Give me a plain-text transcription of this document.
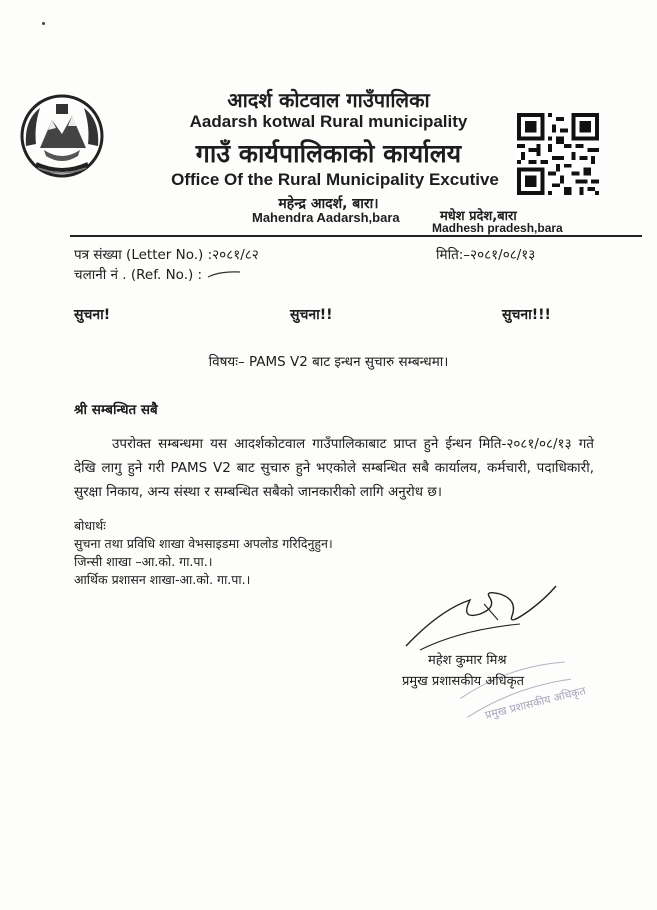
आदर्श कोटवाल गाउँपालिका
Aadarsh kotwal Rural municipality
गाउँ कार्यपालिकाको कार्यालय
Office Of the Rural Municipality Excutive
महेन्द्र आदर्श, बारा।
Mahendra Aadarsh,bara	मधेश प्रदेश,बारा
Madhesh pradesh,bara
पत्र संख्या (Letter No.) :२०८१/८२
चलानी नं . (Ref. No.) :
मिति:–२०८१/०८/१३
सुचना!	सुचना!!	सुचना!!!
विषयः– PAMS V2 बाट इन्धन सुचारु सम्बन्धमा।
श्री सम्बन्धित सबै
उपरोक्त सम्बन्धमा यस आदर्शकोटवाल गाउँपालिकाबाट प्राप्त हुने ईन्धन मिति-२०८१/०८/१३ गते देखि लागु हुने गरी PAMS V2 बाट सुचारु हुने भएकोले सम्बन्धित सबै कार्यालय, कर्मचारी, पदाधिकारी, सुरक्षा निकाय, अन्य संस्था र सम्बन्धित सबैको जानकारीको लागि अनुरोध छ।
बोधार्थः
सुचना तथा प्रविधि शाखा वेभसाइडमा अपलोड गरिदिनुहुन।
जिन्सी शाखा –आ.को. गा.पा.।
आर्थिक प्रशासन शाखा-आ.को. गा.पा.।
प्रमुख प्रशासकीय अधिकृत
महेश कुमार मिश्र
प्रमुख प्रशासकीय अधिकृत
